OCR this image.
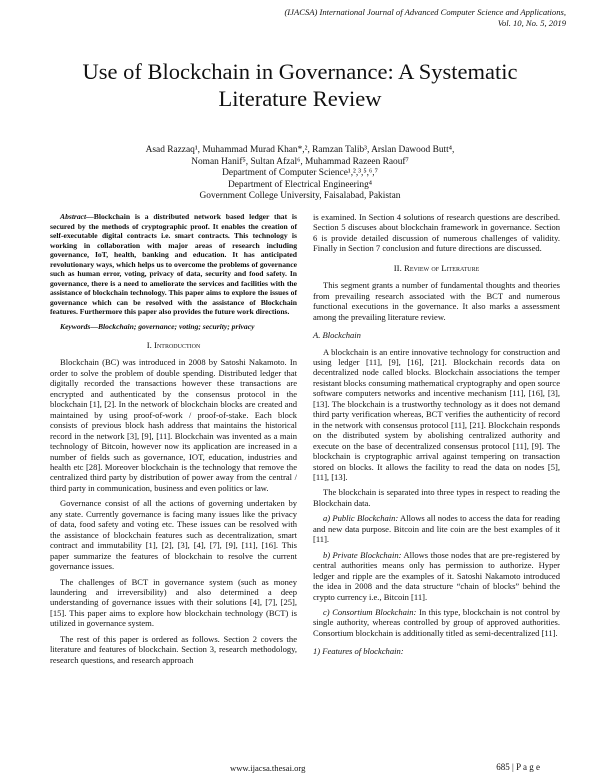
(IJACSA) International Journal of Advanced Computer Science and Applications,
Vol. 10, No. 5, 2019
Use of Blockchain in Governance: A Systematic
Literature Review
Asad Razzaq¹, Muhammad Murad Khan*,², Ramzan Talib³, Arslan Dawood Butt⁴,
Noman Hanif⁵, Sultan Afzal⁶, Muhammad Razeen Raouf⁷
Department of Computer Science¹,²,³,⁵,⁶,⁷
Department of Electrical Engineering⁴
Government College University, Faisalabad, Pakistan

Abstract—Blockchain is a distributed network based ledger that is secured by the methods of cryptographic proof. It enables the creation of self-executable digital contracts i.e. smart contracts. This technology is working in collaboration with major areas of research including governance, IoT, health, banking and education. It has anticipated revolutionary ways, which helps us to overcome the problems of governance such as human error, voting, privacy of data, security and food safety. In governance, there is a need to ameliorate the services and facilities with the assistance of blockchain technology. This paper aims to explore the issues of governance which can be resolved with the assistance of Blockchain features. Furthermore this paper also provides the future work directions.

Keywords—Blockchain; governance; voting; security; privacy

I. Introduction

Blockchain (BC) was introduced in 2008 by Satoshi Nakamoto. In order to solve the problem of double spending. Distributed ledger that digitally recorded the transactions however these transactions are encrypted and authenticated by the consensus protocol in the blockchain [1], [2]. In the network of blockchain blocks are created and maintained by using proof-of-work / proof-of-stake. Each block consists of previous block hash address that maintains the historical record in the network [3], [9], [11]. Blockchain was invented as a main technology of Bitcoin, however now its application are increased in a number of fields such as governance, IOT, education, industries and health etc [28]. Moreover blockchain is the technology that remove the centralized third party by distribution of power away from the central / third party in communication, business and even politics or law.

Governance consist of all the actions of governing undertaken by any state. Currently governance is facing many issues like the privacy of data, food safety and voting etc. These issues can be resolved with the assistance of blockchain features such as decentralization, smart contract and immutability [1], [2], [3], [4], [7], [9], [11], [16]. This paper summarize the features of blockchain to resolve the current governance issues.

The challenges of BCT in governance system (such as money laundering and irreversibility) and also determined a deep understanding of governance issues with their solutions [4], [7], [25], [15]. This paper aims to explore how blockchain technology (BCT) is utilized in governance system.

The rest of this paper is ordered as follows. Section 2 covers the literature and features of blockchain. Section 3, research methodology, research questions, and research approach

is examined. In Section 4 solutions of research questions are described. Section 5 discuses about blockchain framework in governance. Section 6 is provide detailed discussion of numerous challenges of validity. Finally in Section 7 conclusion and future directions are discussed.

II. Review of Literature

This segment grants a number of fundamental thoughts and theories from prevailing research associated with the BCT and numerous functional executions in the governance. It also marks a assessment among the prevailing literature review.

A. Blockchain

A blockchain is an entire innovative technology for construction and using ledger [11], [9], [16], [21]. Blockchain records data on decentralized node called blocks. Blockchain associations the temper resistant blocks consuming mathematical cryptography and open source software computers networks and incentive mechanism [11], [16], [3], [13]. The blockchain is a trustworthy technology as it does not demand third party verification whereas, BCT verifies the authenticity of record in the network with consensus protocol [11], [21]. Blockchain responds on the distributed system by abolishing centralized authority and execute on the base of decentralized consensus protocol [11], [9]. The blockchain is cryptographic arrival against tempering on transaction stored on blocks. It allows the facility to read the data on nodes [5], [11], [13].

The blockchain is separated into three types in respect to reading the Blockchain data.

a) Public Blockchain: Allows all nodes to access the data for reading and new data purpose. Bitcoin and lite coin are the best examples of it [11].

b) Private Blockchain: Allows those nodes that are pre-registered by central authorities means only has permission to authorize. Hyper ledger and ripple are the examples of it. Satoshi Nakamoto introduced the idea in 2008 and the data structure “chain of blocks” behind the crypto currency i.e., Bitcoin [11].

c) Consortium Blockchain: In this type, blockchain is not control by single authority, whereas controlled by group of approved authorities. Consortium blockchain is additionally titled as semi-decentralized [11].

1) Features of blockchain:
www.ijacsa.thesai.org	685 | P a g e
